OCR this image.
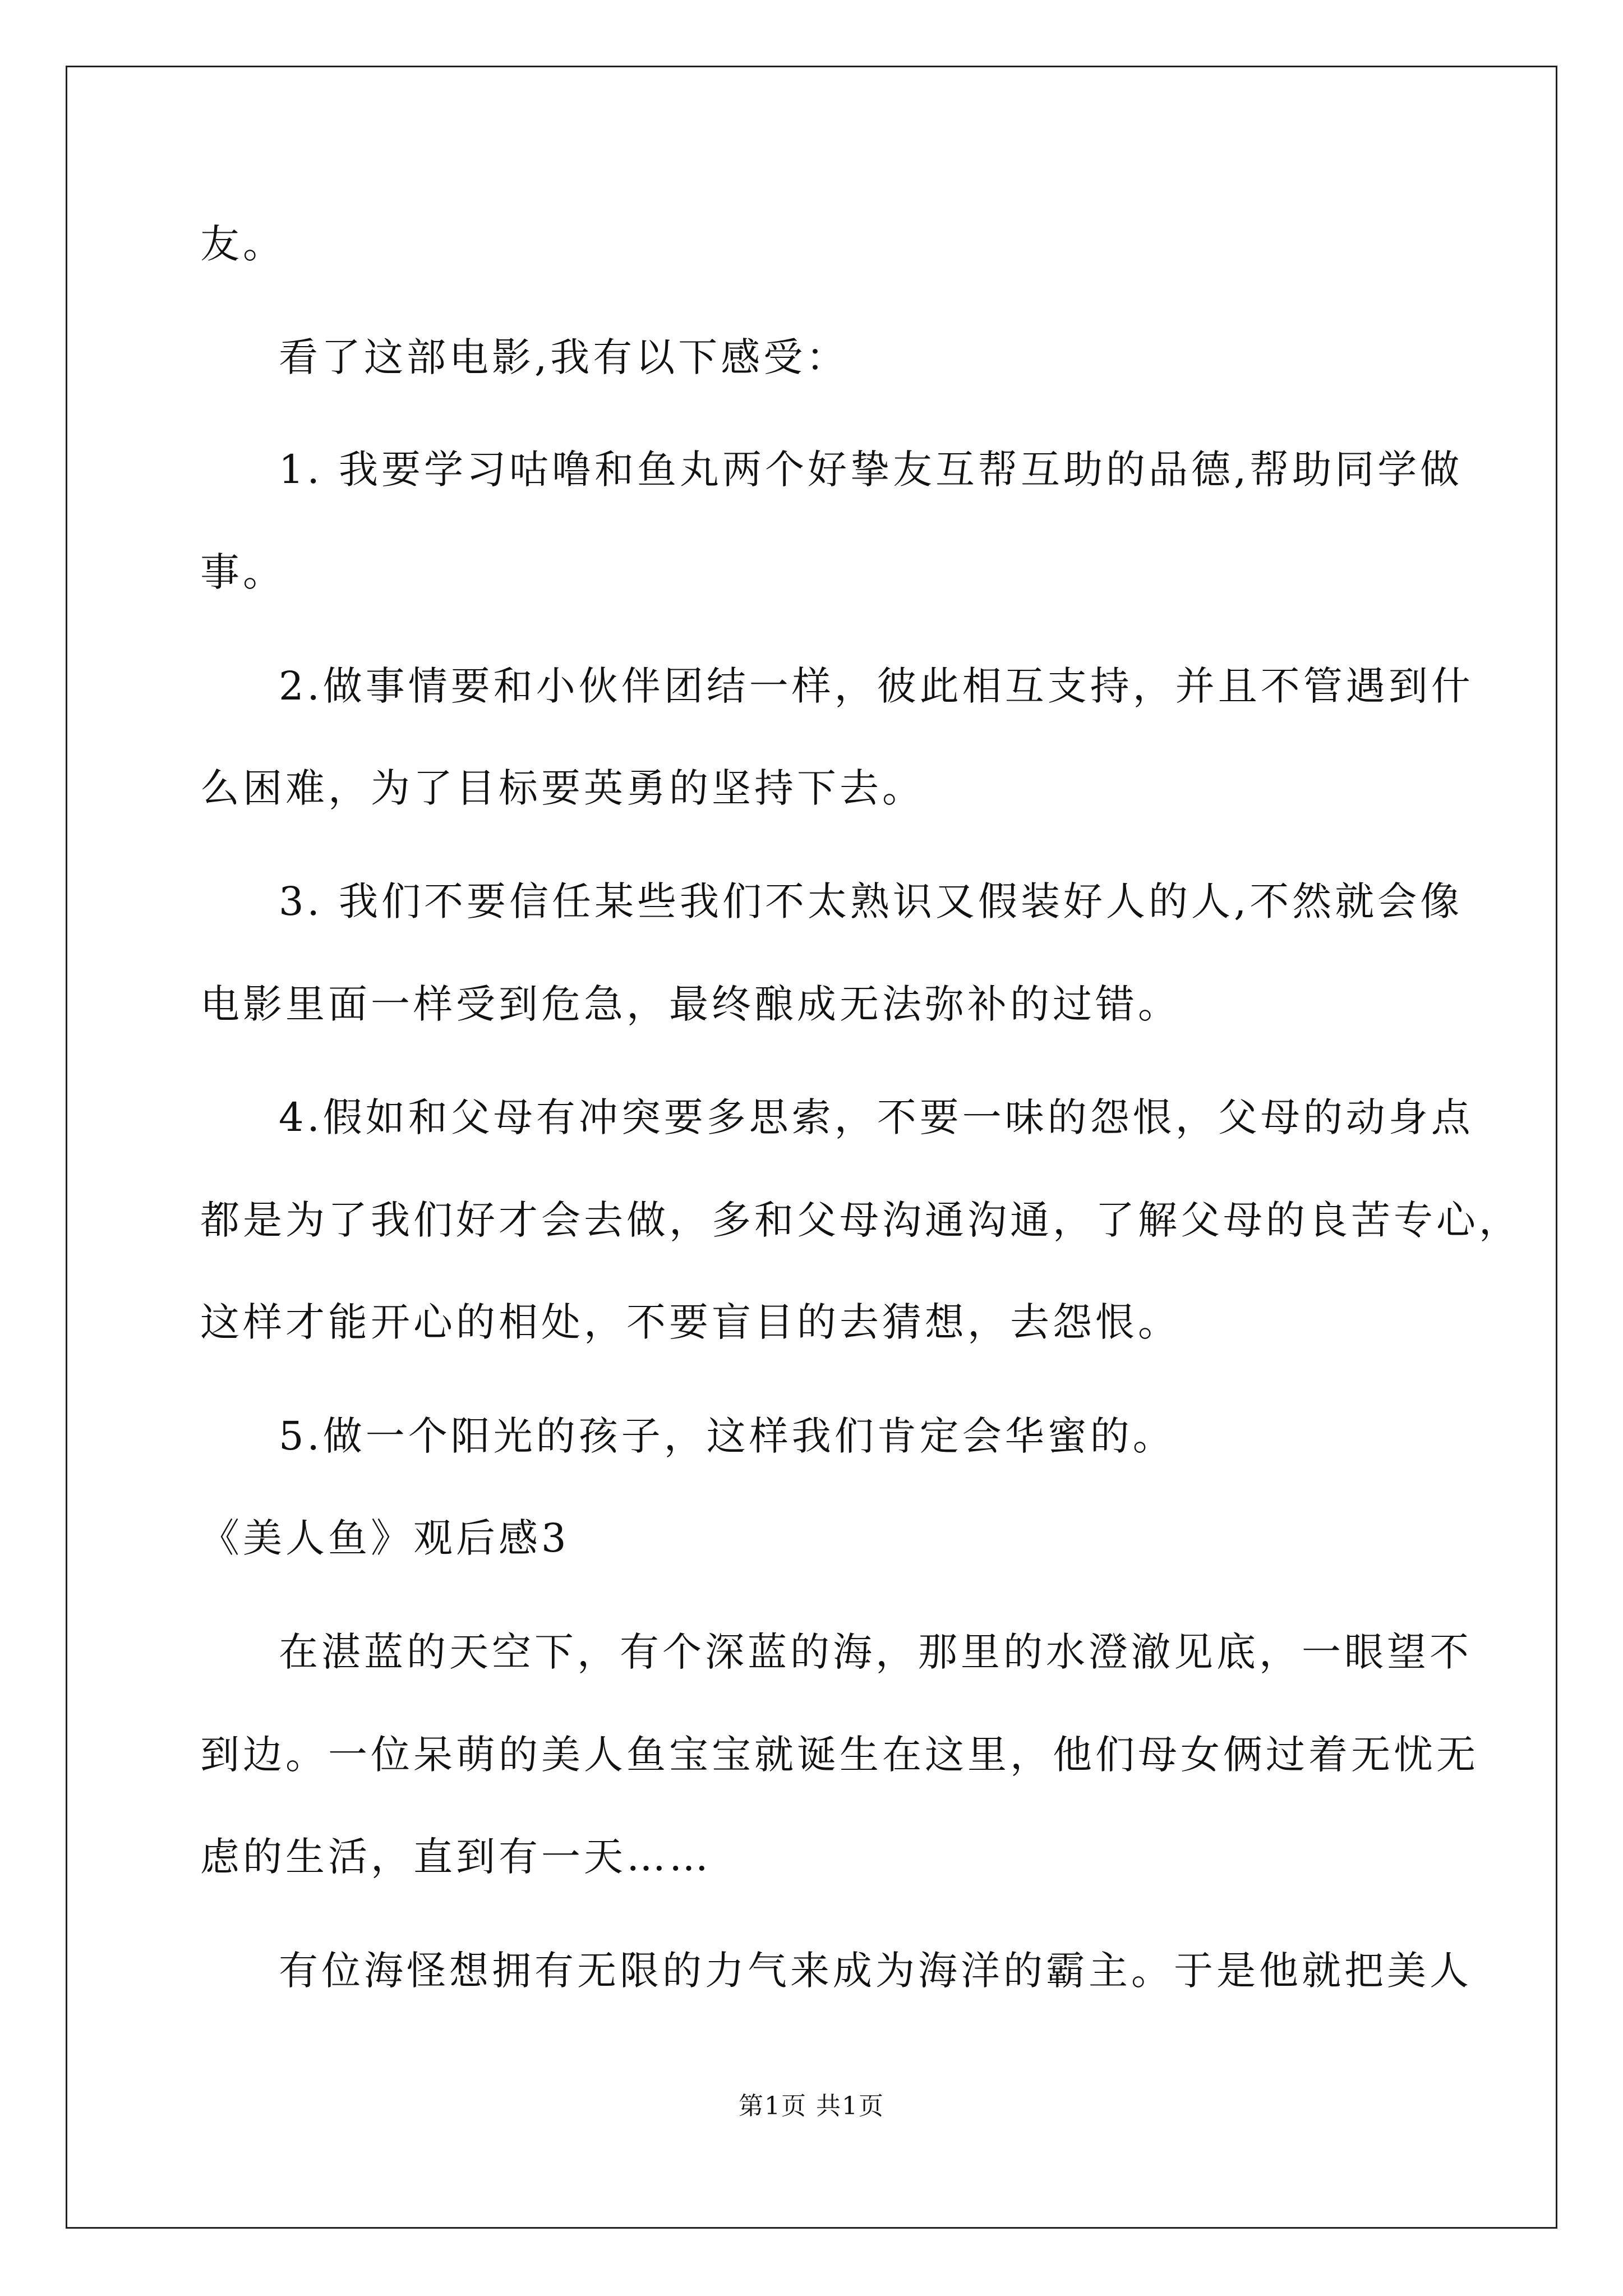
友。
看了这部电影,我有以下感受：
1. 我要学习咕噜和鱼丸两个好挚友互帮互助的品德,帮助同学做
事。
2.做事情要和小伙伴团结一样，彼此相互支持，并且不管遇到什
么困难，为了目标要英勇的坚持下去。
3. 我们不要信任某些我们不太熟识又假装好人的人,不然就会像
电影里面一样受到危急，最终酿成无法弥补的过错。
4.假如和父母有冲突要多思索，不要一味的怨恨，父母的动身点
都是为了我们好才会去做，多和父母沟通沟通，了解父母的良苦专心，
这样才能开心的相处，不要盲目的去猜想，去怨恨。
5.做一个阳光的孩子，这样我们肯定会华蜜的。
《美人鱼》观后感3
在湛蓝的天空下，有个深蓝的海，那里的水澄澈见底，一眼望不
到边。一位呆萌的美人鱼宝宝就诞生在这里，他们母女俩过着无忧无
虑的生活，直到有一天……
有位海怪想拥有无限的力气来成为海洋的霸主。于是他就把美人
第1页 共1页
